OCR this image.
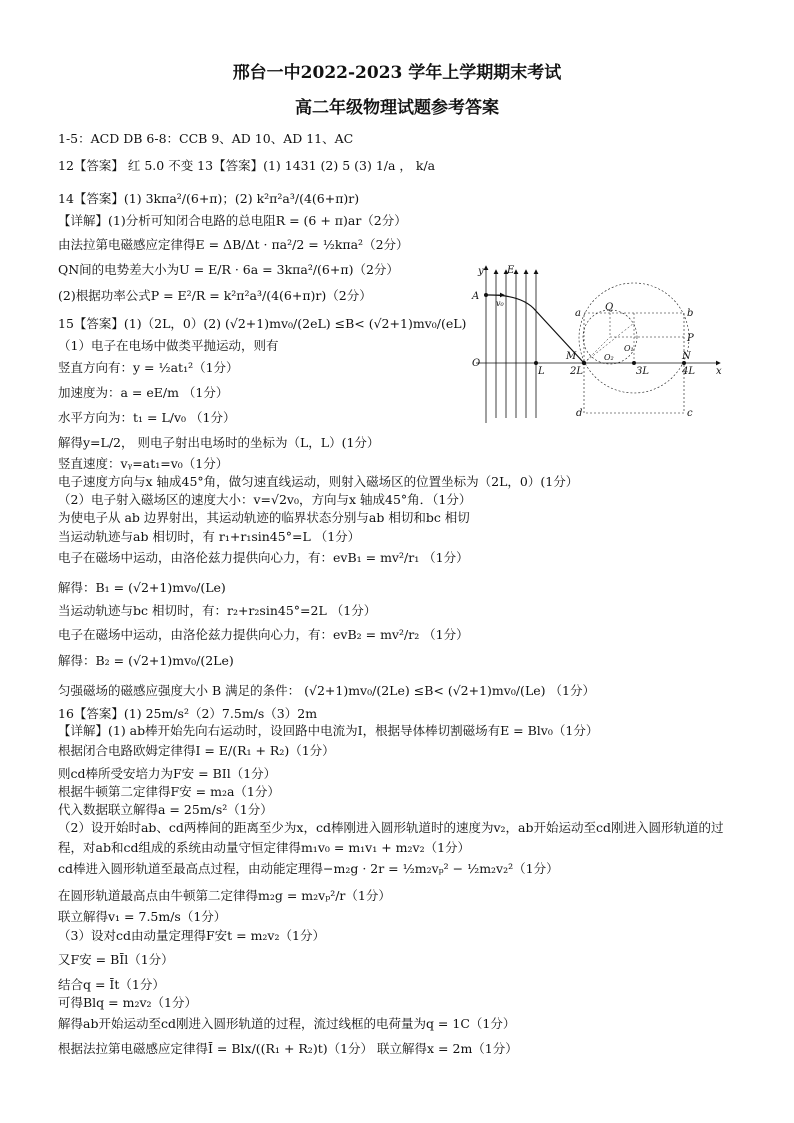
邢台一中2022-2023 学年上学期期末考试
高二年级物理试题参考答案
1-5：ACD DB 6-8：CCB 9、AD 10、AD 11、AC
12【答案】 红 5.0 不变 13【答案】(1) 1431 (2) 5 (3) 1/a ， k/a
14【答案】(1) 3kπa²/(6+π)；(2) k²π²a³/(4(6+π)r)
【详解】(1)分析可知闭合电路的总电阻R = (6 + π)ar（2分）
由法拉第电磁感应定律得E = ΔB/Δt · πa²/2 = ½kπa²（2分）
QN间的电势差大小为U = E/R · 6a = 3kπa²/(6+π)（2分）
(2)根据功率公式P = E²/R = k²π²a³/(4(6+π)r)（2分）
15【答案】(1)（2L，0）(2) (√2+1)mv₀/(2eL) ≤B< (√2+1)mv₀/(eL)
（1）电子在电场中做类平抛运动，则有
竖直方向有：y = ½at₁²（1分）
加速度为：a = eE/m （1分）
水平方向为：t₁ = L/v₀ （1分）
解得y=L/2， 则电子射出电场时的坐标为（L，L）(1分）
竖直速度：vᵧ=at₁=v₀（1分）
电子速度方向与x 轴成45°角，做匀速直线运动，则射入磁场区的位置坐标为（2L，0）(1分）
（2）电子射入磁场区的速度大小：v=√2v₀，方向与x 轴成45°角．（1分）
为使电子从 ab 边界射出，其运动轨迹的临界状态分别与ab 相切和bc 相切
当运动轨迹与ab 相切时，有 r₁+r₁sin45°=L （1分）
电子在磁场中运动，由洛伦兹力提供向心力，有：evB₁ = mv²/r₁ （1分）
解得：B₁ = (√2+1)mv₀/(Le)
当运动轨迹与bc 相切时，有：r₂+r₂sin45°=2L （1分）
电子在磁场中运动，由洛伦兹力提供向心力，有：evB₂ = mv²/r₂ （1分）
解得：B₂ = (√2+1)mv₀/(2Le)
匀强磁场的磁感应强度大小 B 满足的条件： (√2+1)mv₀/(2Le) ≤B< (√2+1)mv₀/(Le) （1分）
16【答案】(1) 25m/s²（2）7.5m/s（3）2m
【详解】(1) ab棒开始先向右运动时，设回路中电流为I，根据导体棒切割磁场有E = Blv₀（1分）
根据闭合电路欧姆定律得I = E/(R₁ + R₂)（1分）
则cd棒所受安培力为F安 = BIl（1分）
根据牛顿第二定律得F安 = m₂a（1分）
代入数据联立解得a = 25m/s²（1分）
（2）设开始时ab、cd两棒间的距离至少为x，cd棒刚进入圆形轨道时的速度为v₂，ab开始运动至cd刚进入圆形轨道的过程，对ab和cd组成的系统由动量守恒定律得m₁v₀ = m₁v₁ + m₂v₂（1分）
cd棒进入圆形轨道至最高点过程，由动能定理得−m₂g · 2r = ½m₂vₚ² − ½m₂v₂²（1分）
在圆形轨道最高点由牛顿第二定律得m₂g = m₂vₚ²/r（1分）
联立解得v₁ = 7.5m/s（1分）
（3）设对cd由动量定理得F安t = m₂v₂（1分）
又F安 = BĪl（1分）
结合q = Īt（1分）
可得Blq = m₂v₂（1分）
解得ab开始运动至cd刚进入圆形轨道的过程，流过线框的电荷量为q = 1C（1分）
根据法拉第电磁感应定律得Ī = Blx/((R₁ + R₂)t)（1分） 联立解得x = 2m（1分）
y E
A
v₀
O
L
M
2L
O₂
O₁
3L
N
4L x
Q
a	b
P
d	c
